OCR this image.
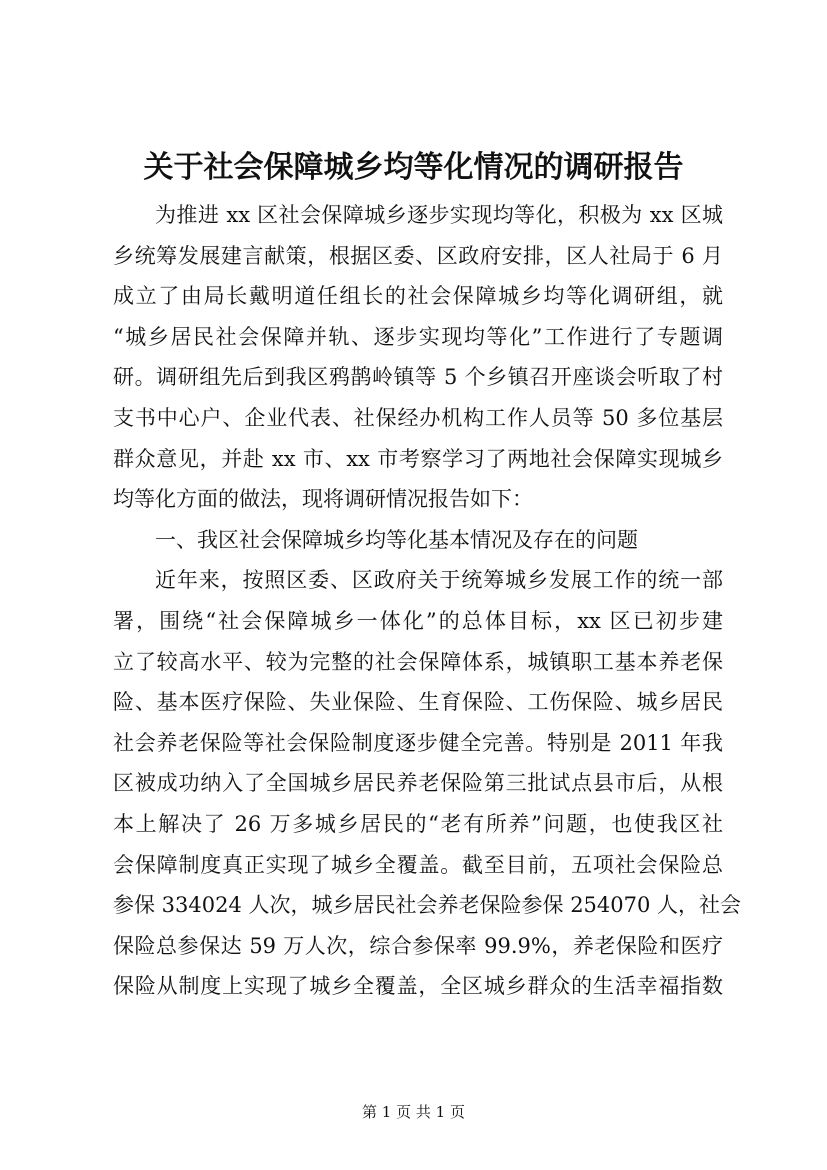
关于社会保障城乡均等化情况的调研报告
为推进 xx 区社会保障城乡逐步实现均等化，积极为 xx 区城
乡统筹发展建言献策，根据区委、区政府安排，区人社局于 6 月
成立了由局长戴明道任组长的社会保障城乡均等化调研组，就
“城乡居民社会保障并轨、逐步实现均等化”工作进行了专题调
研。调研组先后到我区鸦鹊岭镇等 5 个乡镇召开座谈会听取了村
支书中心户、企业代表、社保经办机构工作人员等 50 多位基层
群众意见，并赴 xx 市、xx 市考察学习了两地社会保障实现城乡
均等化方面的做法，现将调研情况报告如下：
一、我区社会保障城乡均等化基本情况及存在的问题
近年来，按照区委、区政府关于统筹城乡发展工作的统一部
署，围绕“社会保障城乡一体化”的总体目标，xx 区已初步建
立了较高水平、较为完整的社会保障体系，城镇职工基本养老保
险、基本医疗保险、失业保险、生育保险、工伤保险、城乡居民
社会养老保险等社会保险制度逐步健全完善。特别是 2011 年我
区被成功纳入了全国城乡居民养老保险第三批试点县市后，从根
本上解决了 26 万多城乡居民的“老有所养”问题，也使我区社
会保障制度真正实现了城乡全覆盖。截至目前，五项社会保险总
参保 334024 人次，城乡居民社会养老保险参保 254070 人，社会
保险总参保达 59 万人次，综合参保率 99.9%，养老保险和医疗
保险从制度上实现了城乡全覆盖，全区城乡群众的生活幸福指数
第 1 页 共 1 页
